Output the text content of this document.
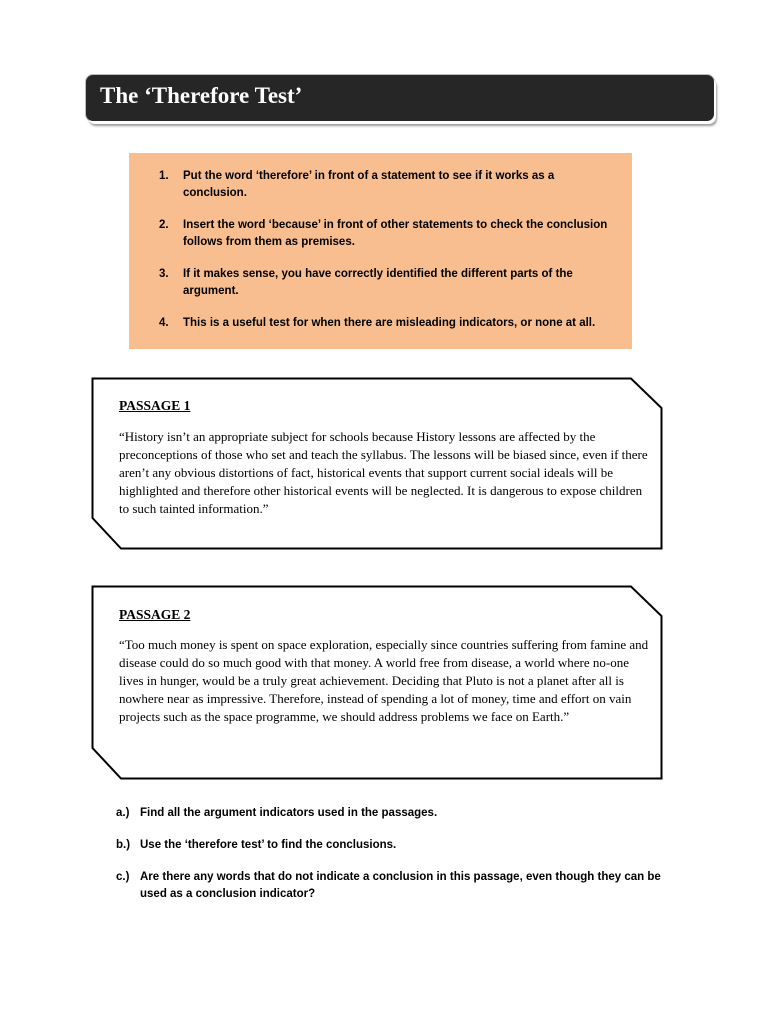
The ‘Therefore Test’
1. Put the word ‘therefore’ in front of a statement to see if it works as a conclusion.
2. Insert the word ‘because’ in front of other statements to check the conclusion follows from them as premises.
3. If it makes sense, you have correctly identified the different parts of the argument.
4. This is a useful test for when there are misleading indicators, or none at all.
PASSAGE 1
“History isn’t an appropriate subject for schools because History lessons are affected by the preconceptions of those who set and teach the syllabus. The lessons will be biased since, even if there aren’t any obvious distortions of fact, historical events that support current social ideals will be highlighted and therefore other historical events will be neglected. It is dangerous to expose children to such tainted information.”
PASSAGE 2
“Too much money is spent on space exploration, especially since countries suffering from famine and disease could do so much good with that money. A world free from disease, a world where no-one lives in hunger, would be a truly great achievement. Deciding that Pluto is not a planet after all is nowhere near as impressive. Therefore, instead of spending a lot of money, time and effort on vain projects such as the space programme, we should address problems we face on Earth.”
a.) Find all the argument indicators used in the passages.
b.) Use the ‘therefore test’ to find the conclusions.
c.) Are there any words that do not indicate a conclusion in this passage, even though they can be used as a conclusion indicator?
